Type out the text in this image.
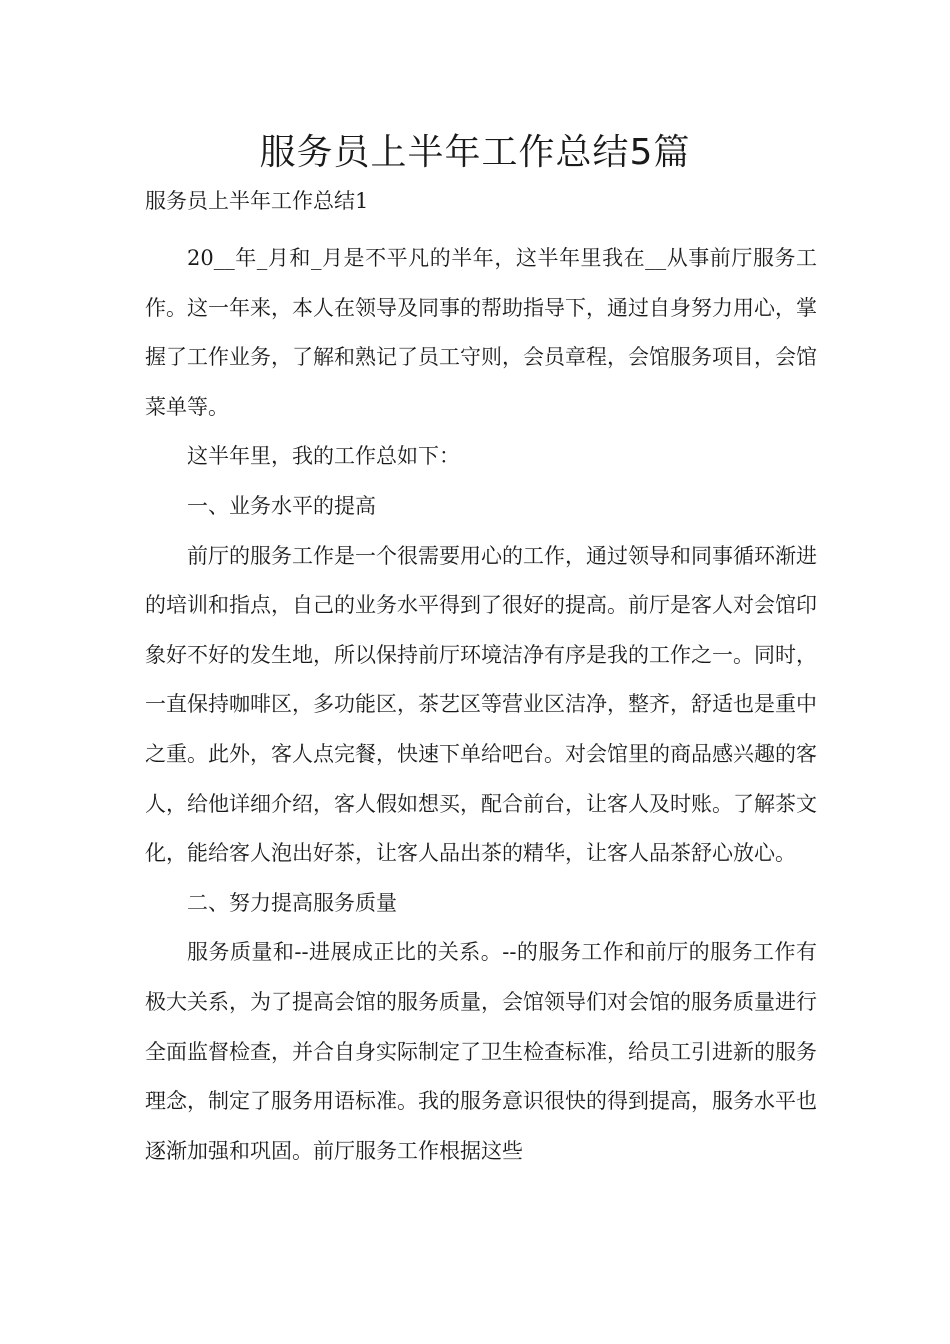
服务员上半年工作总结5篇

服务员上半年工作总结1

20__年_月和_月是不平凡的半年，这半年里我在__从事前厅服务工作。这一年来，本人在领导及同事的帮助指导下，通过自身努力用心，掌握了工作业务，了解和熟记了员工守则，会员章程，会馆服务项目，会馆菜单等。

这半年里，我的工作总如下：

一、业务水平的提高

前厅的服务工作是一个很需要用心的工作，通过领导和同事循环渐进的培训和指点，自己的业务水平得到了很好的提高。前厅是客人对会馆印象好不好的发生地，所以保持前厅环境洁净有序是我的工作之一。同时，一直保持咖啡区，多功能区，茶艺区等营业区洁净，整齐，舒适也是重中之重。此外，客人点完餐，快速下单给吧台。对会馆里的商品感兴趣的客人，给他详细介绍，客人假如想买，配合前台，让客人及时账。了解茶文化，能给客人泡出好茶，让客人品出茶的精华，让客人品茶舒心放心。

二、努力提高服务质量

服务质量和--进展成正比的关系。--的服务工作和前厅的服务工作有极大关系，为了提高会馆的服务质量，会馆领导们对会馆的服务质量进行全面监督检查，并合自身实际制定了卫生检查标准，给员工引进新的服务理念，制定了服务用语标准。我的服务意识很快的得到提高，服务水平也逐渐加强和巩固。前厅服务工作根据这些
